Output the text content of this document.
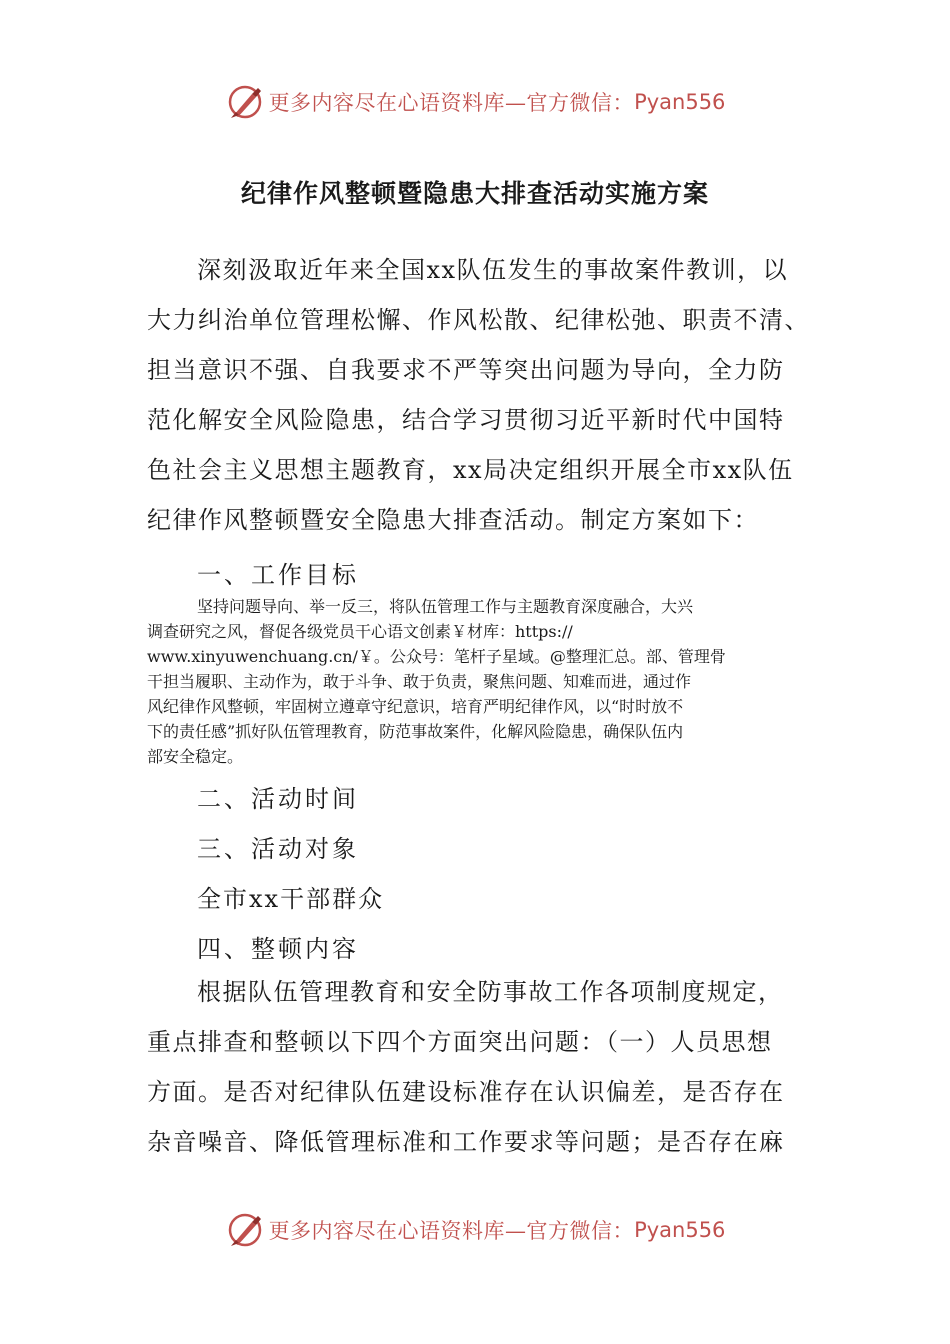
更多内容尽在心语资料库—官方微信： Pyan556
纪律作风整顿暨隐患大排查活动实施方案
深刻汲取近年来全国xx队伍发生的事故案件教训，以
大力纠治单位管理松懈、作风松散、纪律松弛、职责不清、
担当意识不强、自我要求不严等突出问题为导向，全力防
范化解安全风险隐患，结合学习贯彻习近平新时代中国特
色社会主义思想主题教育，xx局决定组织开展全市xx队伍
纪律作风整顿暨安全隐患大排查活动。制定方案如下：
一、工作目标
坚持问题导向、举一反三，将队伍管理工作与主题教育深度融合，大兴
调查研究之风，督促各级党员干心语文创素￥材库：https://
www.xinyuwenchuang.cn/￥。公众号：笔杆子星域。@整理汇总。部、管理骨
干担当履职、主动作为，敢于斗争、敢于负责，聚焦问题、知难而进，通过作
风纪律作风整顿，牢固树立遵章守纪意识，培育严明纪律作风，以“时时放不
下的责任感”抓好队伍管理教育，防范事故案件，化解风险隐患，确保队伍内
部安全稳定。
二、活动时间
三、活动对象
全市xx干部群众
四、整顿内容
根据队伍管理教育和安全防事故工作各项制度规定，
重点排查和整顿以下四个方面突出问题：（一）人员思想
方面。是否对纪律队伍建设标准存在认识偏差，是否存在
杂音噪音、降低管理标准和工作要求等问题；是否存在麻
更多内容尽在心语资料库—官方微信： Pyan556
